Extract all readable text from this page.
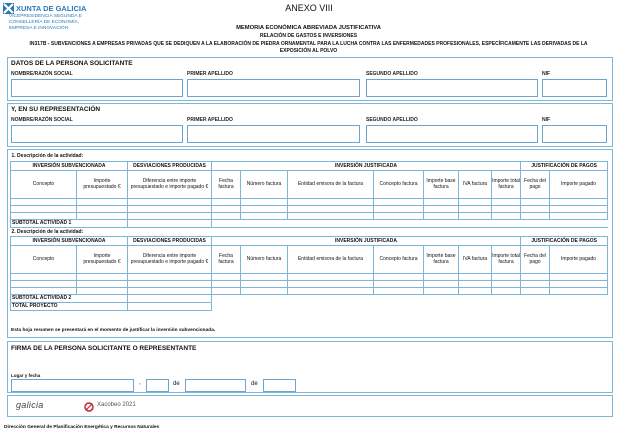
XUNTA DE GALICIA
VICEPRESIDENCIA SEGUNDA E
CONSELLERÍA DE ECONOMÍA,
EMPRESA E INNOVACIÓN
ANEXO VIII
MEMORIA ECONÓMICA ABREVIADA JUSTIFICATIVA
RELACIÓN DE GASTOS E INVERSIONES
IN317B - SUBVENCIONES A EMPRESAS PRIVADAS QUE SE DEDIQUEN A LA ELABORACIÓN DE PIEDRA ORNAMENTAL PARA LA LUCHA CONTRA LAS ENFERMEDADES PROFESIONALES, ESPECÍFICAMENTE LAS DERIVADAS DE LA
EXPOSICIÓN AL POLVO
DATOS DE LA PERSONA SOLICITANTE
NOMBRE/RAZÓN SOCIAL	PRIMER APELLIDO	SEGUNDO APELLIDO	NIF
Y, EN SU REPRESENTACIÓN
NOMBRE/RAZÓN SOCIAL	PRIMER APELLIDO	SEGUNDO APELLIDO	NIF
1. Descripción de la actividad:											
INVERSIÓN SUBVENCIONADA		DESVIACIONES PRODUCIDAS	INVERSIÓN JUSTIFICADA							JUSTIFICACIÓN DE PAGOS	
Concepto	Importe presupuestado €	Diferencia entre importe presupuestado e importe pagado €	Fecha factura	Número factura	Entidad emisora de la factura	Concepto factura	Importe base factura	IVA factura	Importe total factura	Fecha del pago	Importe pagado

SUBTOTAL ACTIVIDAD 1											
2. Descripción de la actividad:											
INVERSIÓN SUBVENCIONADA		DESVIACIONES PRODUCIDAS	INVERSIÓN JUSTIFICADA							JUSTIFICACIÓN DE PAGOS	
Concepto	Importe presupuestado €	Diferencia entre importe presupuestado e importe pagado €	Fecha factura	Número factura	Entidad emisora de la factura	Concepto factura	Importe base factura	IVA factura	Importe total factura	Fecha del pago	Importe pagado

SUBTOTAL ACTIVIDAD 2											
TOTAL PROYECTO											
Esta hoja resumen se presentará en el momento de justificar la inversión subvencionada.
FIRMA DE LA PERSONA SOLICITANTE O REPRESENTANTE
Lugar y fecha
,	de	de
galicia	Xacobeo 2021
Dirección General de Planificación Energética y Recursos Naturales
